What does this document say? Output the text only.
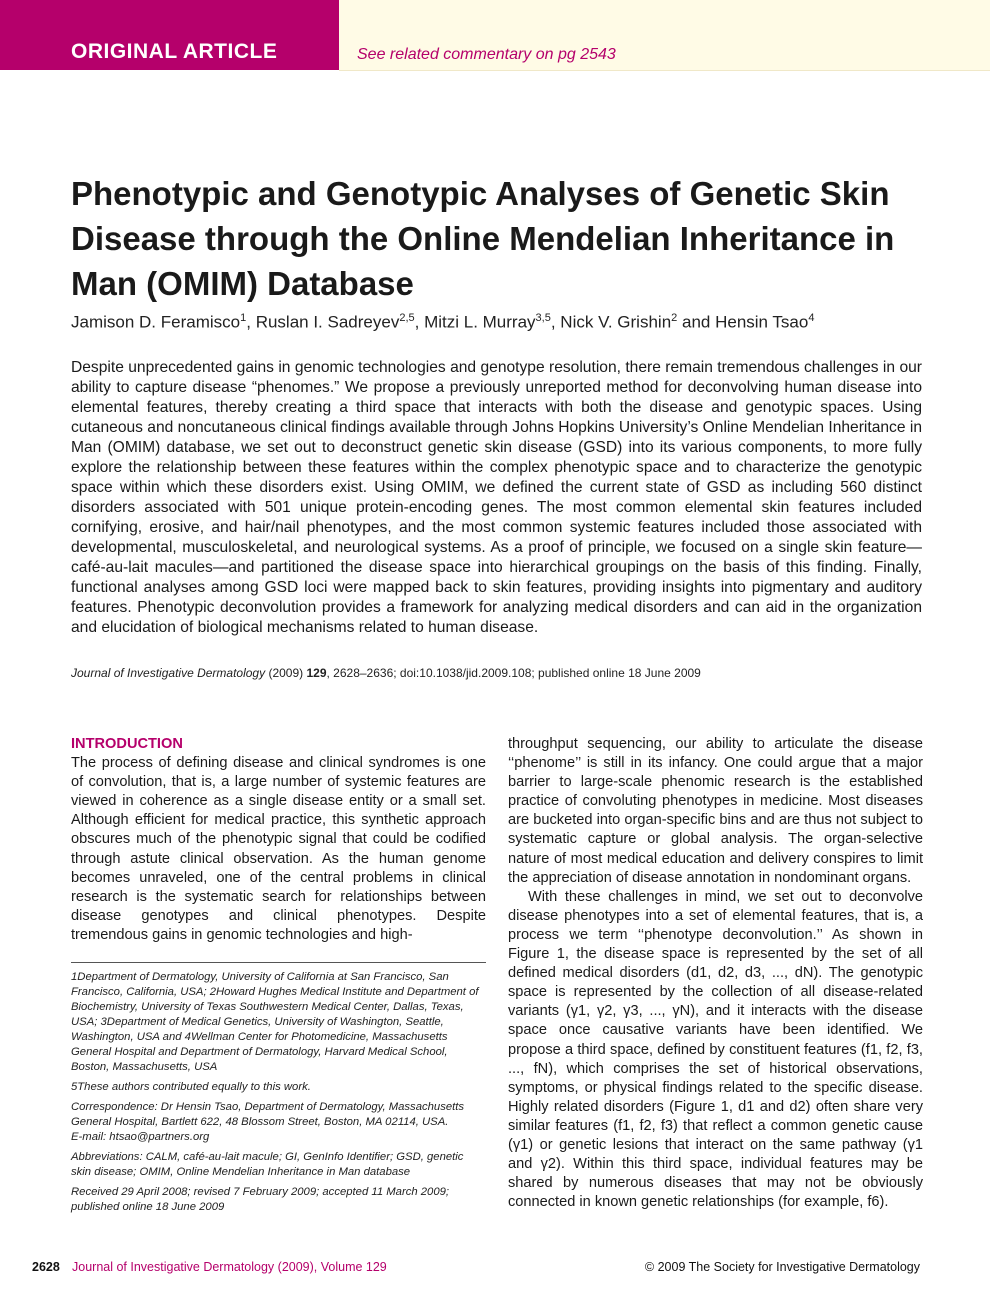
ORIGINAL ARTICLE	See related commentary on pg 2543
Phenotypic and Genotypic Analyses of Genetic Skin Disease through the Online Mendelian Inheritance in Man (OMIM) Database
Jamison D. Feramisco$^1$, Ruslan I. Sadreyev$^{2,5}$, Mitzi L. Murray$^{3,5}$, Nick V. Grishin$^2$ and Hensin Tsao$^4$

Despite unprecedented gains in genomic technologies and genotype resolution, there remain tremendous challenges in our ability to capture disease “phenomes.” We propose a previously unreported method for deconvolving human disease into elemental features, thereby creating a third space that interacts with both the disease and genotypic spaces. Using cutaneous and noncutaneous clinical findings available through Johns Hopkins University’s Online Mendelian Inheritance in Man (OMIM) database, we set out to deconstruct genetic skin disease (GSD) into its various components, to more fully explore the relationship between these features within the complex phenotypic space and to characterize the genotypic space within which these disorders exist. Using OMIM, we defined the current state of GSD as including 560 distinct disorders associated with 501 unique protein-encoding genes. The most common elemental skin features included cornifying, erosive, and hair/nail phenotypes, and the most common systemic features included those associated with developmental, musculoskeletal, and neurological systems. As a proof of principle, we focused on a single skin feature— café-au-lait macules—and partitioned the disease space into hierarchical groupings on the basis of this finding. Finally, functional analyses among GSD loci were mapped back to skin features, providing insights into pigmentary and auditory features. Phenotypic deconvolution provides a framework for analyzing medical disorders and can aid in the organization and elucidation of biological mechanisms related to human disease.

Journal of Investigative Dermatology (2009) 129, 2628–2636; doi:10.1038/jid.2009.108; published online 18 June 2009
INTRODUCTION

The process of defining disease and clinical syndromes is one of convolution, that is, a large number of systemic features are viewed in coherence as a single disease entity or a small set. Although efficient for medical practice, this synthetic approach obscures much of the phenotypic signal that could be codified through astute clinical observation. As the human genome becomes unraveled, one of the central problems in clinical research is the systematic search for relationships between disease genotypes and clinical phenotypes. Despite tremendous gains in genomic technologies and high-

1Department of Dermatology, University of California at San Francisco, San Francisco, California, USA; 2Howard Hughes Medical Institute and Department of Biochemistry, University of Texas Southwestern Medical Center, Dallas, Texas, USA; 3Department of Medical Genetics, University of Washington, Seattle, Washington, USA and 4Wellman Center for Photomedicine, Massachusetts General Hospital and Department of Dermatology, Harvard Medical School, Boston, Massachusetts, USA

5These authors contributed equally to this work.

Correspondence: Dr Hensin Tsao, Department of Dermatology, Massachusetts General Hospital, Bartlett 622, 48 Blossom Street, Boston, MA 02114, USA.
E-mail: htsao@partners.org

Abbreviations: CALM, café-au-lait macule; GI, GenInfo Identifier; GSD, genetic skin disease; OMIM, Online Mendelian Inheritance in Man database

Received 29 April 2008; revised 7 February 2009; accepted 11 March 2009; published online 18 June 2009

throughput sequencing, our ability to articulate the disease ‘‘phenome’’ is still in its infancy. One could argue that a major barrier to large-scale phenomic research is the established practice of convoluting phenotypes in medicine. Most diseases are bucketed into organ-specific bins and are thus not subject to systematic capture or global analysis. The organ-selective nature of most medical education and delivery conspires to limit the appreciation of disease annotation in nondominant organs.

With these challenges in mind, we set out to deconvolve disease phenotypes into a set of elemental features, that is, a process we term ‘‘phenotype deconvolution.’’ As shown in Figure 1, the disease space is represented by the set of all defined medical disorders (d1, d2, d3, ..., dN). The genotypic space is represented by the collection of all disease-related variants (γ1, γ2, γ3, ..., γN), and it interacts with the disease space once causative variants have been identified. We propose a third space, defined by constituent features (f1, f2, f3, ..., fN), which comprises the set of historical observations, symptoms, or physical findings related to the specific disease. Highly related disorders (Figure 1, d1 and d2) often share very similar features (f1, f2, f3) that reflect a common genetic cause (γ1) or genetic lesions that interact on the same pathway (γ1 and γ2). Within this third space, individual features may be shared by numerous diseases that may not be obviously connected in known genetic relationships (for example, f6).

2628 Journal of Investigative Dermatology (2009), Volume 129	© 2009 The Society for Investigative Dermatology
